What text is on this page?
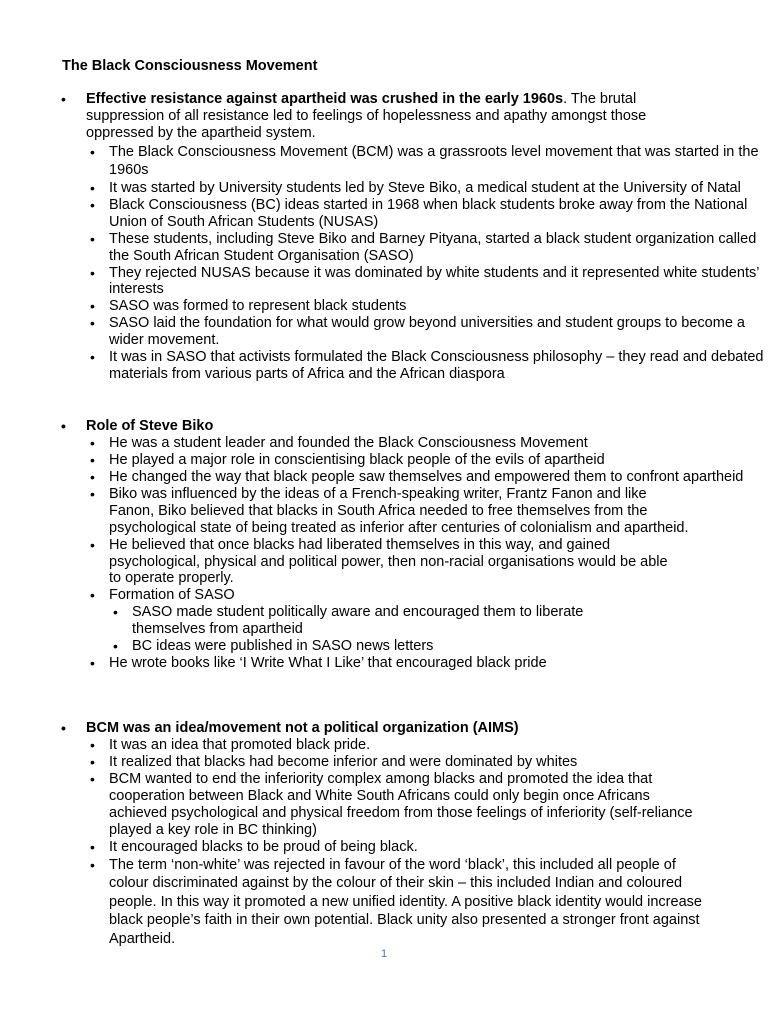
The Black Consciousness Movement
• Effective resistance against apartheid was crushed in the early 1960s. The brutal suppression of all resistance led to feelings of hopelessness and apathy amongst those oppressed by the apartheid system.
• The Black Consciousness Movement (BCM) was a grassroots level movement that was started in the 1960s
• It was started by University students led by Steve Biko, a medical student at the University of Natal
• Black Consciousness (BC) ideas started in 1968 when black students broke away from the National Union of South African Students (NUSAS)
• These students, including Steve Biko and Barney Pityana, started a black student organization called the South African Student Organisation (SASO)
• They rejected NUSAS because it was dominated by white students and it represented white students’ interests
• SASO was formed to represent black students
• SASO laid the foundation for what would grow beyond universities and student groups to become a wider movement.
• It was in SASO that activists formulated the Black Consciousness philosophy – they read and debated materials from various parts of Africa and the African diaspora
• Role of Steve Biko
• He was a student leader and founded the Black Consciousness Movement
• He played a major role in conscientising black people of the evils of apartheid
• He changed the way that black people saw themselves and empowered them to confront apartheid
• Biko was influenced by the ideas of a French-speaking writer, Frantz Fanon and like Fanon, Biko believed that blacks in South Africa needed to free themselves from the psychological state of being treated as inferior after centuries of colonialism and apartheid.
• He believed that once blacks had liberated themselves in this way, and gained psychological, physical and political power, then non-racial organisations would be able to operate properly.
• Formation of SASO
• SASO made student politically aware and encouraged them to liberate themselves from apartheid
• BC ideas were published in SASO news letters
• He wrote books like ‘I Write What I Like’ that encouraged black pride
• BCM was an idea/movement not a political organization (AIMS)
• It was an idea that promoted black pride.
• It realized that blacks had become inferior and were dominated by whites
• BCM wanted to end the inferiority complex among blacks and promoted the idea that cooperation between Black and White South Africans could only begin once Africans achieved psychological and physical freedom from those feelings of inferiority (self-reliance played a key role in BC thinking)
• It encouraged blacks to be proud of being black.
• The term ‘non-white’ was rejected in favour of the word ‘black’, this included all people of colour discriminated against by the colour of their skin – this included Indian and coloured people. In this way it promoted a new unified identity. A positive black identity would increase black people’s faith in their own potential. Black unity also presented a stronger front against Apartheid.
1
